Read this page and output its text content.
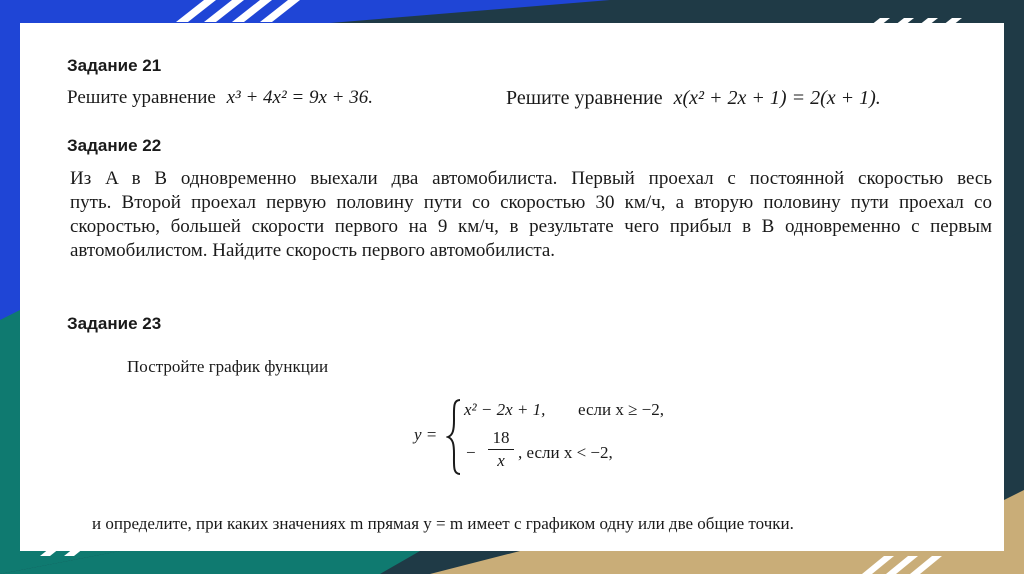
Задание 21
Решите уравнение x³ + 4x² = 9x + 36.	Решите уравнение x(x² + 2x + 1) = 2(x + 1).
Задание 22
Из A в B одновременно выехали два автомобилиста. Первый проехал с постоянной скоростью весь
путь. Второй проехал первую половину пути со скоростью 30 км/ч, а вторую половину пути проехал со
скоростью, большей скорости первого на 9 км/ч, в результате чего прибыл в B одновременно с первым
автомобилистом. Найдите скорость первого автомобилиста.
Задание 23
Постройте график функции
y =
x² − 2x + 1, если x ≥ −2,
−
18
x , если x < −2,
и определите, при каких значениях m прямая y = m имеет с графиком одну или две общие точки.
